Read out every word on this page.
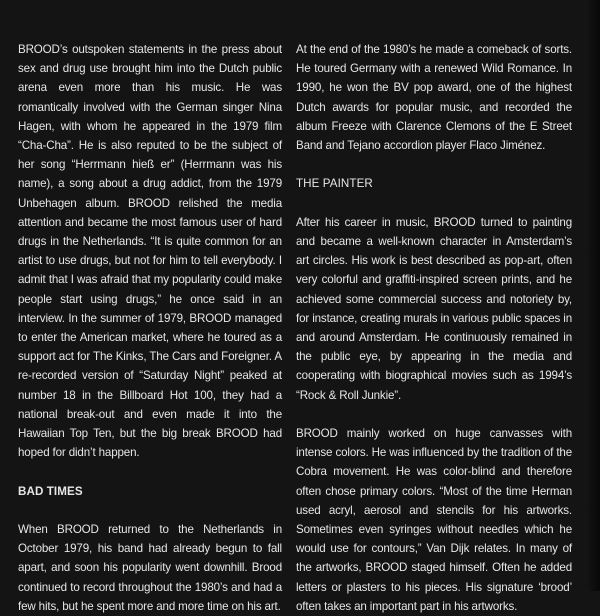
BROOD’s outspoken statements in the press about sex and drug use brought him into the Dutch public arena even more than his music. He was romantically involved with the German singer Nina Hagen, with whom he appeared in the 1979 film “Cha-Cha”. He is also reputed to be the subject of her song “Herrmann hieß er” (Herrmann was his name), a song about a drug addict, from the 1979 Unbehagen album. BROOD relished the media attention and became the most famous user of hard drugs in the Netherlands. “It is quite common for an artist to use drugs, but not for him to tell everybody. I admit that I was afraid that my popularity could make people start using drugs,” he once said in an interview. In the summer of 1979, BROOD managed to enter the American market, where he toured as a support act for The Kinks, The Cars and Foreigner. A re-recorded version of “Saturday Night” peaked at number 18 in the Billboard Hot 100, they had a national break-out and even made it into the Hawaiian Top Ten, but the big break BROOD had hoped for didn’t happen.

BAD TIMES

When BROOD returned to the Netherlands in October 1979, his band had already begun to fall apart, and soon his popularity went downhill. Brood continued to record throughout the 1980’s and had a few hits, but he spent more and more time on his art.

At the end of the 1980’s he made a comeback of sorts. He toured Germany with a renewed Wild Romance. In 1990, he won the BV pop award, one of the highest Dutch awards for popular music, and recorded the album Freeze with Clarence Clemons of the E Street Band and Tejano accordion player Flaco Jiménez.

THE PAINTER

After his career in music, BROOD turned to painting and became a well-known character in Amsterdam’s art circles. His work is best described as pop-art, often very colorful and graffiti-inspired screen prints, and he achieved some commercial success and notoriety by, for instance, creating murals in various public spaces in and around Amsterdam. He continuously remained in the public eye, by appearing in the media and cooperating with biographical movies such as 1994’s “Rock & Roll Junkie”.

BROOD mainly worked on huge canvasses with intense colors. He was influenced by the tradition of the Cobra movement. He was color-blind and therefore often chose primary colors. “Most of the time Herman used acryl, aerosol and stencils for his artworks. Sometimes even syringes without needles which he would use for contours,” Van Dijk relates. In many of the artworks, BROOD staged himself. Often he added letters or plasters to his pieces. His signature ‘brood’ often takes an important part in his artworks.
